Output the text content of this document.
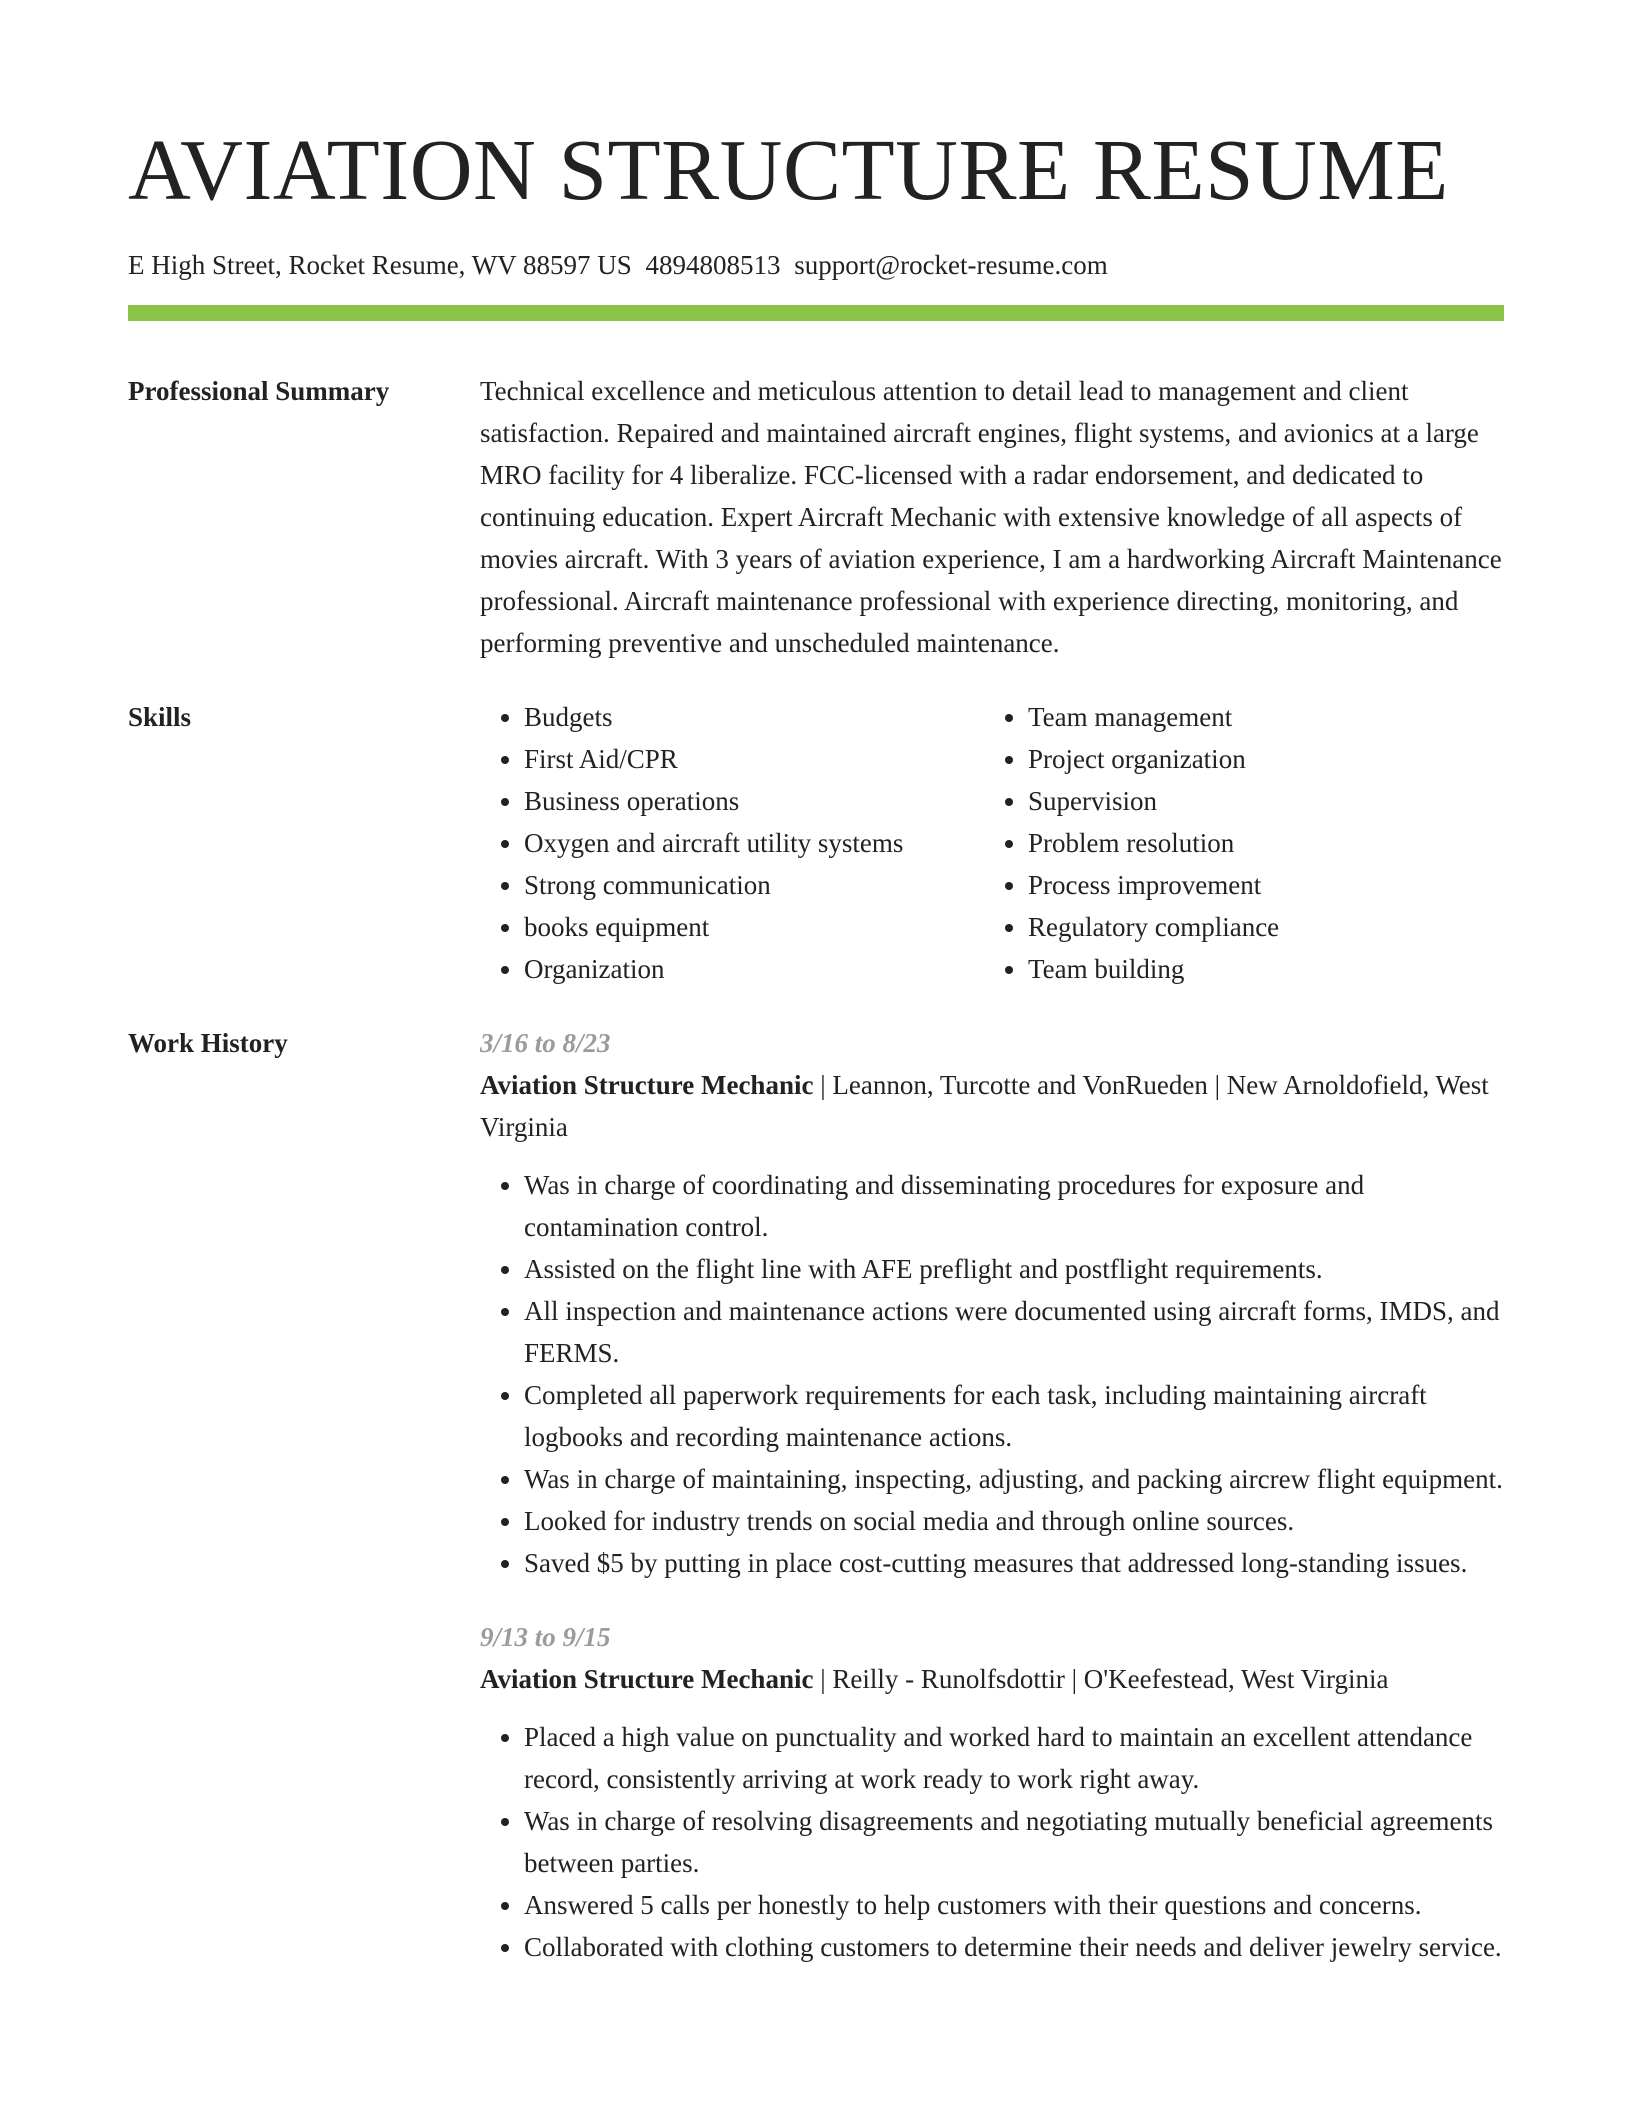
AVIATION STRUCTURE RESUME
E High Street, Rocket Resume, WV 88597 US 4894808513 support@rocket-resume.com
Professional Summary	Technical excellence and meticulous attention to detail lead to management and client satisfaction. Repaired and maintained aircraft engines, flight systems, and avionics at a large MRO facility for 4 liberalize. FCC-licensed with a radar endorsement, and dedicated to continuing education. Expert Aircraft Mechanic with extensive knowledge of all aspects of movies aircraft. With 3 years of aviation experience, I am a hardworking Aircraft Maintenance professional. Aircraft maintenance professional with experience directing, monitoring, and performing preventive and unscheduled maintenance.

Skills
•	Budgets
• First Aid/CPR
• Business operations
• Oxygen and aircraft utility systems
• Strong communication
• books equipment
• Organization
• Team management
• Project organization
• Supervision
• Problem resolution
• Process improvement
• Regulatory compliance
• Team building
Work History	3/16 to 8/23
Aviation Structure Mechanic | Leannon, Turcotte and VonRueden | New Arnoldofield, West Virginia
• Was in charge of coordinating and disseminating procedures for exposure and contamination control.
• Assisted on the flight line with AFE preflight and postflight requirements.
• All inspection and maintenance actions were documented using aircraft forms, IMDS, and FERMS.
• Completed all paperwork requirements for each task, including maintaining aircraft logbooks and recording maintenance actions.
• Was in charge of maintaining, inspecting, adjusting, and packing aircrew flight equipment.
• Looked for industry trends on social media and through online sources.
• Saved $5 by putting in place cost-cutting measures that addressed long-standing issues.
9/13 to 9/15
Aviation Structure Mechanic | Reilly - Runolfsdottir | O'Keefestead, West Virginia
• Placed a high value on punctuality and worked hard to maintain an excellent attendance record, consistently arriving at work ready to work right away.
• Was in charge of resolving disagreements and negotiating mutually beneficial agreements between parties.
• Answered 5 calls per honestly to help customers with their questions and concerns.
• Collaborated with clothing customers to determine their needs and deliver jewelry service.
